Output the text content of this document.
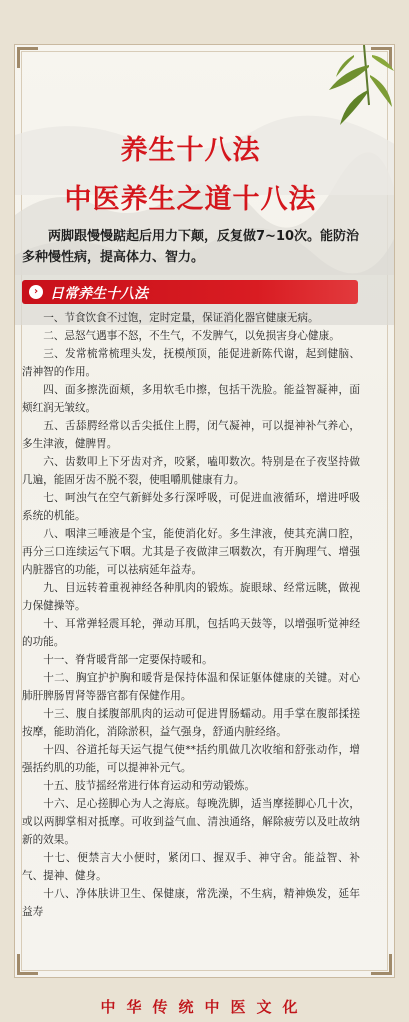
养生十八法
中医养生之道十八法
两脚跟慢慢踮起后用力下颠，反复做7~10次。能防治多种慢性病，提高体力、智力。
› 日常养生十八法

一、节食饮食不过饱，定时定量，保证消化器官健康无病。

二、忌怒气遇事不怒，不生气，不发脾气，以免损害身心健康。

三、发常梳常梳理头发，抚模颅顶，能促进新陈代谢，起到健脑、清神智的作用。

四、面多擦洗面颊，多用软毛巾擦，包括干洗脸。能益智凝神，面颊红润无皱纹。

五、舌舔腭经常以舌尖抵住上腭，闭气凝神，可以提神补气养心，多生津液，健脾胃。

六、齿数叩上下牙齿对齐，咬紧，嗑叩数次。特别是在子夜坚持做几遍，能固牙齿不脱不裂，使咀嚼肌健康有力。

七、呵浊气在空气新鲜处多行深呼吸，可促进血液循环，增进呼吸系统的机能。

八、咽津三唾液是个宝，能使消化好。多生津液，使其充满口腔，再分三口连续运气下咽。尤其是子夜做津三咽数次，有开胸理气、增强内脏器官的功能，可以祛病延年益寿。

九、目远转着重视神经各种肌肉的锻炼。旋眼球、经常远眺，做视力保健操等。

十、耳常弹轻震耳轮，弹动耳肌，包括呜天鼓等，以增强听觉神经的功能。

十一、脊背暖背部一定要保持暖和。

十二、胸宜护护胸和暖背是保持体温和保证躯体健康的关键。对心肺肝脾肠胃肾等器官都有保健作用。

十三、腹自揉腹部肌肉的运动可促进胃肠蠕动。用手掌在腹部揉搓按摩，能助消化，消除淤积，益气强身，舒通内脏经络。

十四、谷道托每天运气提气使**括约肌做几次收缩和舒张动作，增强括约肌的功能，可以提神补元气。

十五、肢节摇经常进行体育运动和劳动锻炼。

十六、足心搓脚心为人之海底。每晚洗脚，适当摩搓脚心几十次，或以两脚掌相对抵摩。可收到益气血、清浊通络，解除疲劳以及吐故纳新的效果。

十七、便禁言大小便时，紧闭口、握双手、神守舍。能益智、补气、提神、健身。

十八、净体肤讲卫生、保健康，常洗澡，不生病，精神焕发，延年益寿

中华传统中医文化
